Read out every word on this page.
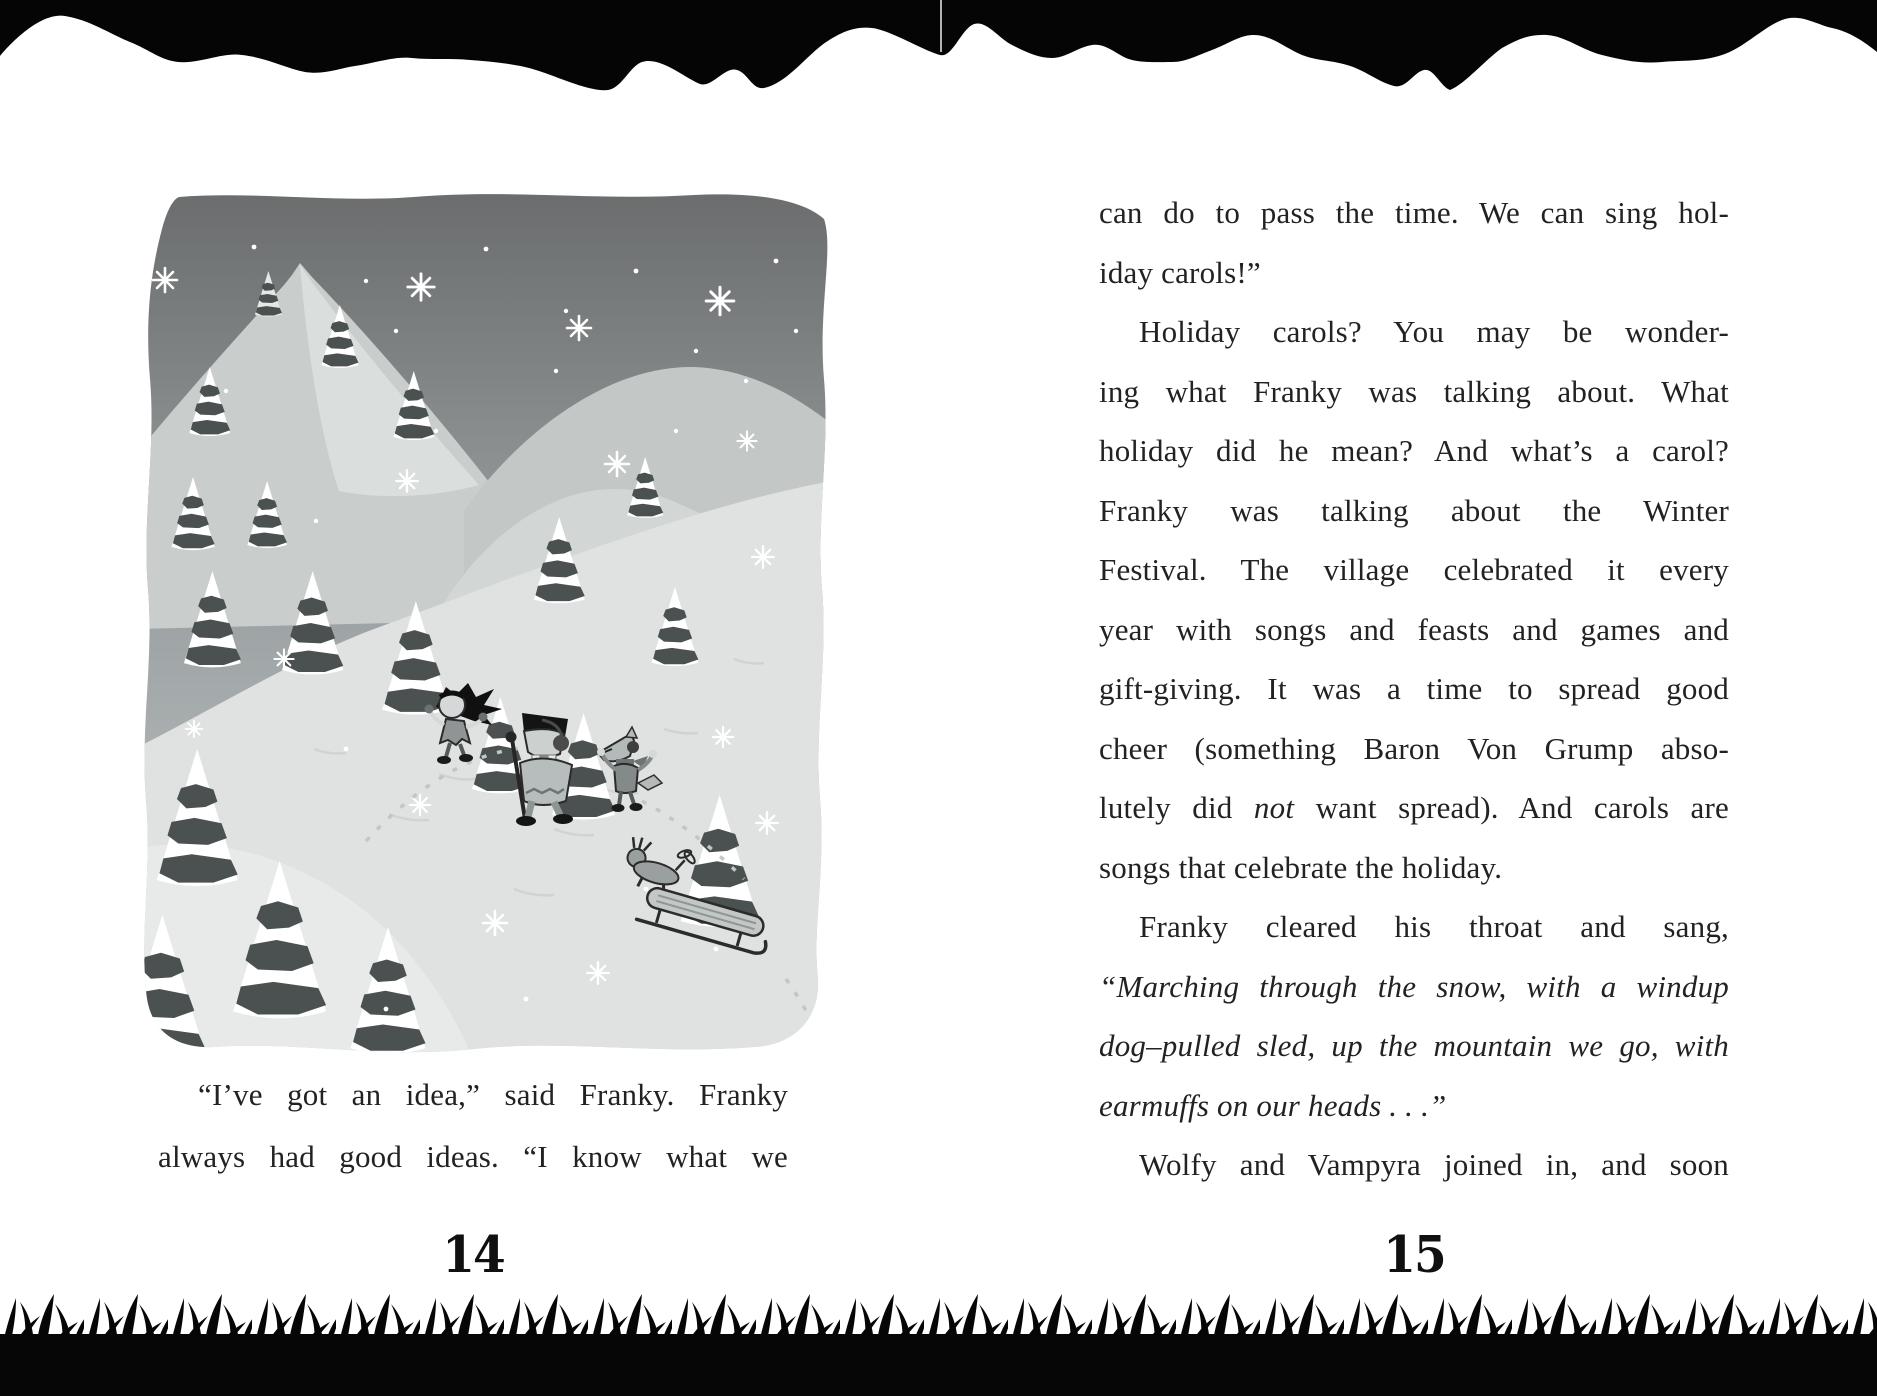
“I’ve got an idea,” said Franky. Franky
always had good ideas. “I know what we
can do to pass the time. We can sing hol-
iday carols!”
Holiday carols? You may be wonder-
ing what Franky was talking about. What
holiday did he mean? And what’s a carol?
Franky was talking about the Winter
Festival. The village celebrated it every
year with songs and feasts and games and
gift-giving. It was a time to spread good
cheer (something Baron Von Grump abso-
lutely did not want spread). And carols are
songs that celebrate the holiday.
Franky cleared his throat and sang,
“Marching through the snow, with a windup
dog–pulled sled, up the mountain we go, with
earmuffs on our heads . . .”
Wolfy and Vampyra joined in, and soon
14	15
